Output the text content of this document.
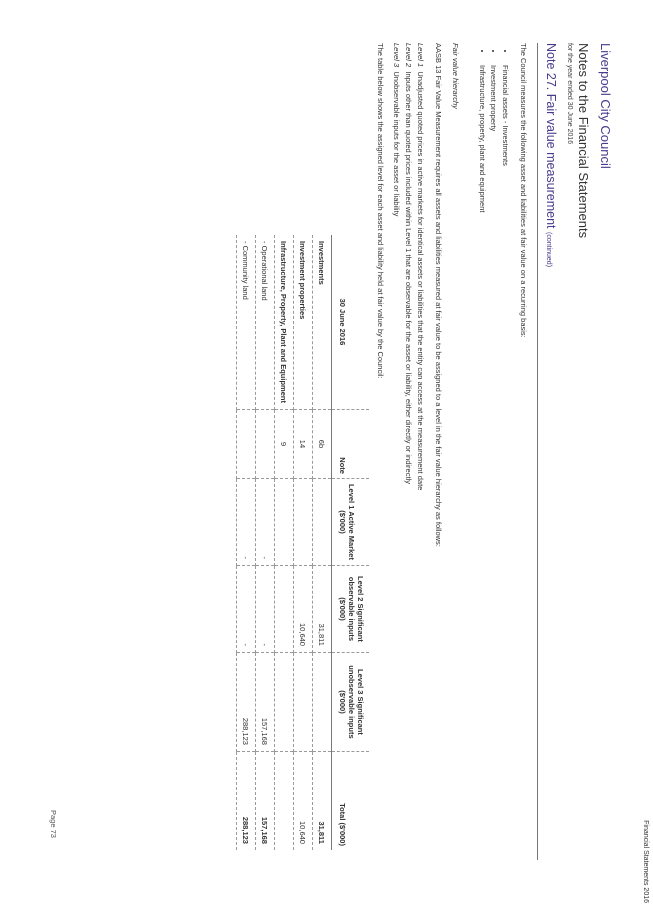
Financial Statements 2016
Liverpool City Council
Notes to the Financial Statements
for the year ended 30 June 2016
Note 27. Fair value measurement (continued)
The Council measures the following asset and liabilities at fair value on a recurring basis:
• Financial assets - Investments
• Investment property
• Infrastructure, property, plant and equipment
Fair value hierarchy
AASB 13 Fair Value Measurement requires all assets and liabilities measured at fair value to be assigned to a level in the fair value hierarchy as follows:
Level 1  Unadjusted quoted prices in active markets for identical assets or liabilities that the entity can access at the measurement date
Level 2  Inputs other than quoted prices included within Level 1 that are observable for the asset or liability, either directly or indirectly
Level 3  Unobservable inputs for the asset or liability
The table below shows the assigned level for each asset and liability held at fair value by the Council:
30 June 2016	Note	Level 1 Active Market ($'000)	Level 2 Significant observable inputs ($'000)	Level 3 Significant unobservable inputs ($'000)	Total ($'000)
Investments	6b		31,811		31,811
Investment properties	14		10,640		10,640
Infrastructure, Property, Plant and Equipment	9				
- Operational land		-	-	157,168	157,168
- Community land		-	-	288,123	288,123
Page 73
